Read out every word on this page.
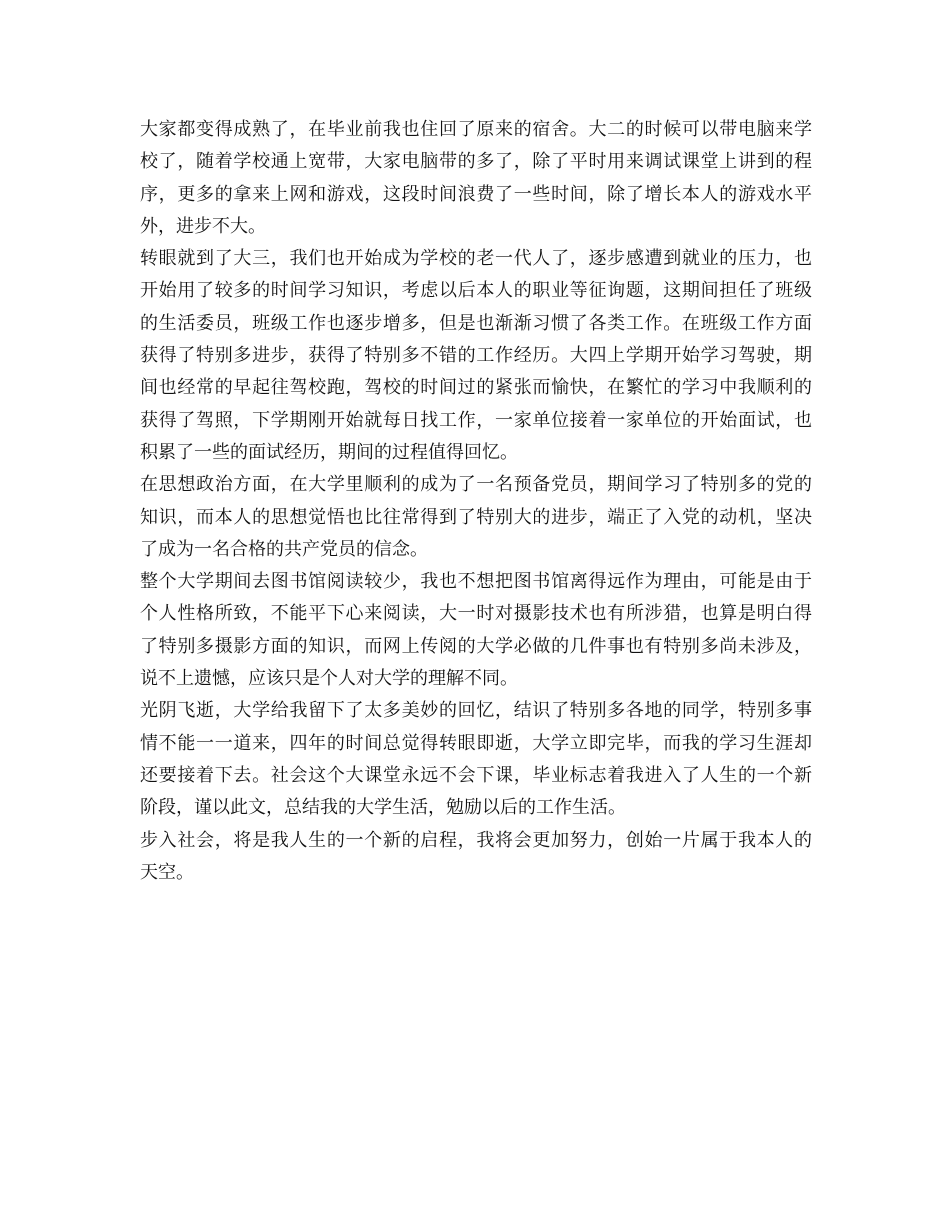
大家都变得成熟了，在毕业前我也住回了原来的宿舍。大二的时候可以带电脑来学
校了，随着学校通上宽带，大家电脑带的多了，除了平时用来调试课堂上讲到的程
序，更多的拿来上网和游戏，这段时间浪费了一些时间，除了增长本人的游戏水平
外，进步不大。
转眼就到了大三，我们也开始成为学校的老一代人了，逐步感遭到就业的压力，也
开始用了较多的时间学习知识，考虑以后本人的职业等征询题，这期间担任了班级
的生活委员，班级工作也逐步增多，但是也渐渐习惯了各类工作。在班级工作方面
获得了特别多进步，获得了特别多不错的工作经历。大四上学期开始学习驾驶，期
间也经常的早起往驾校跑，驾校的时间过的紧张而愉快，在繁忙的学习中我顺利的
获得了驾照，下学期刚开始就每日找工作，一家单位接着一家单位的开始面试，也
积累了一些的面试经历，期间的过程值得回忆。
在思想政治方面，在大学里顺利的成为了一名预备党员，期间学习了特别多的党的
知识，而本人的思想觉悟也比往常得到了特别大的进步，端正了入党的动机，坚决
了成为一名合格的共产党员的信念。
整个大学期间去图书馆阅读较少，我也不想把图书馆离得远作为理由，可能是由于
个人性格所致，不能平下心来阅读，大一时对摄影技术也有所涉猎，也算是明白得
了特别多摄影方面的知识，而网上传阅的大学必做的几件事也有特别多尚未涉及，
说不上遗憾，应该只是个人对大学的理解不同。
光阴飞逝，大学给我留下了太多美妙的回忆，结识了特别多各地的同学，特别多事
情不能一一道来，四年的时间总觉得转眼即逝，大学立即完毕，而我的学习生涯却
还要接着下去。社会这个大课堂永远不会下课，毕业标志着我进入了人生的一个新
阶段，谨以此文，总结我的大学生活，勉励以后的工作生活。
步入社会，将是我人生的一个新的启程，我将会更加努力，创始一片属于我本人的
天空。
